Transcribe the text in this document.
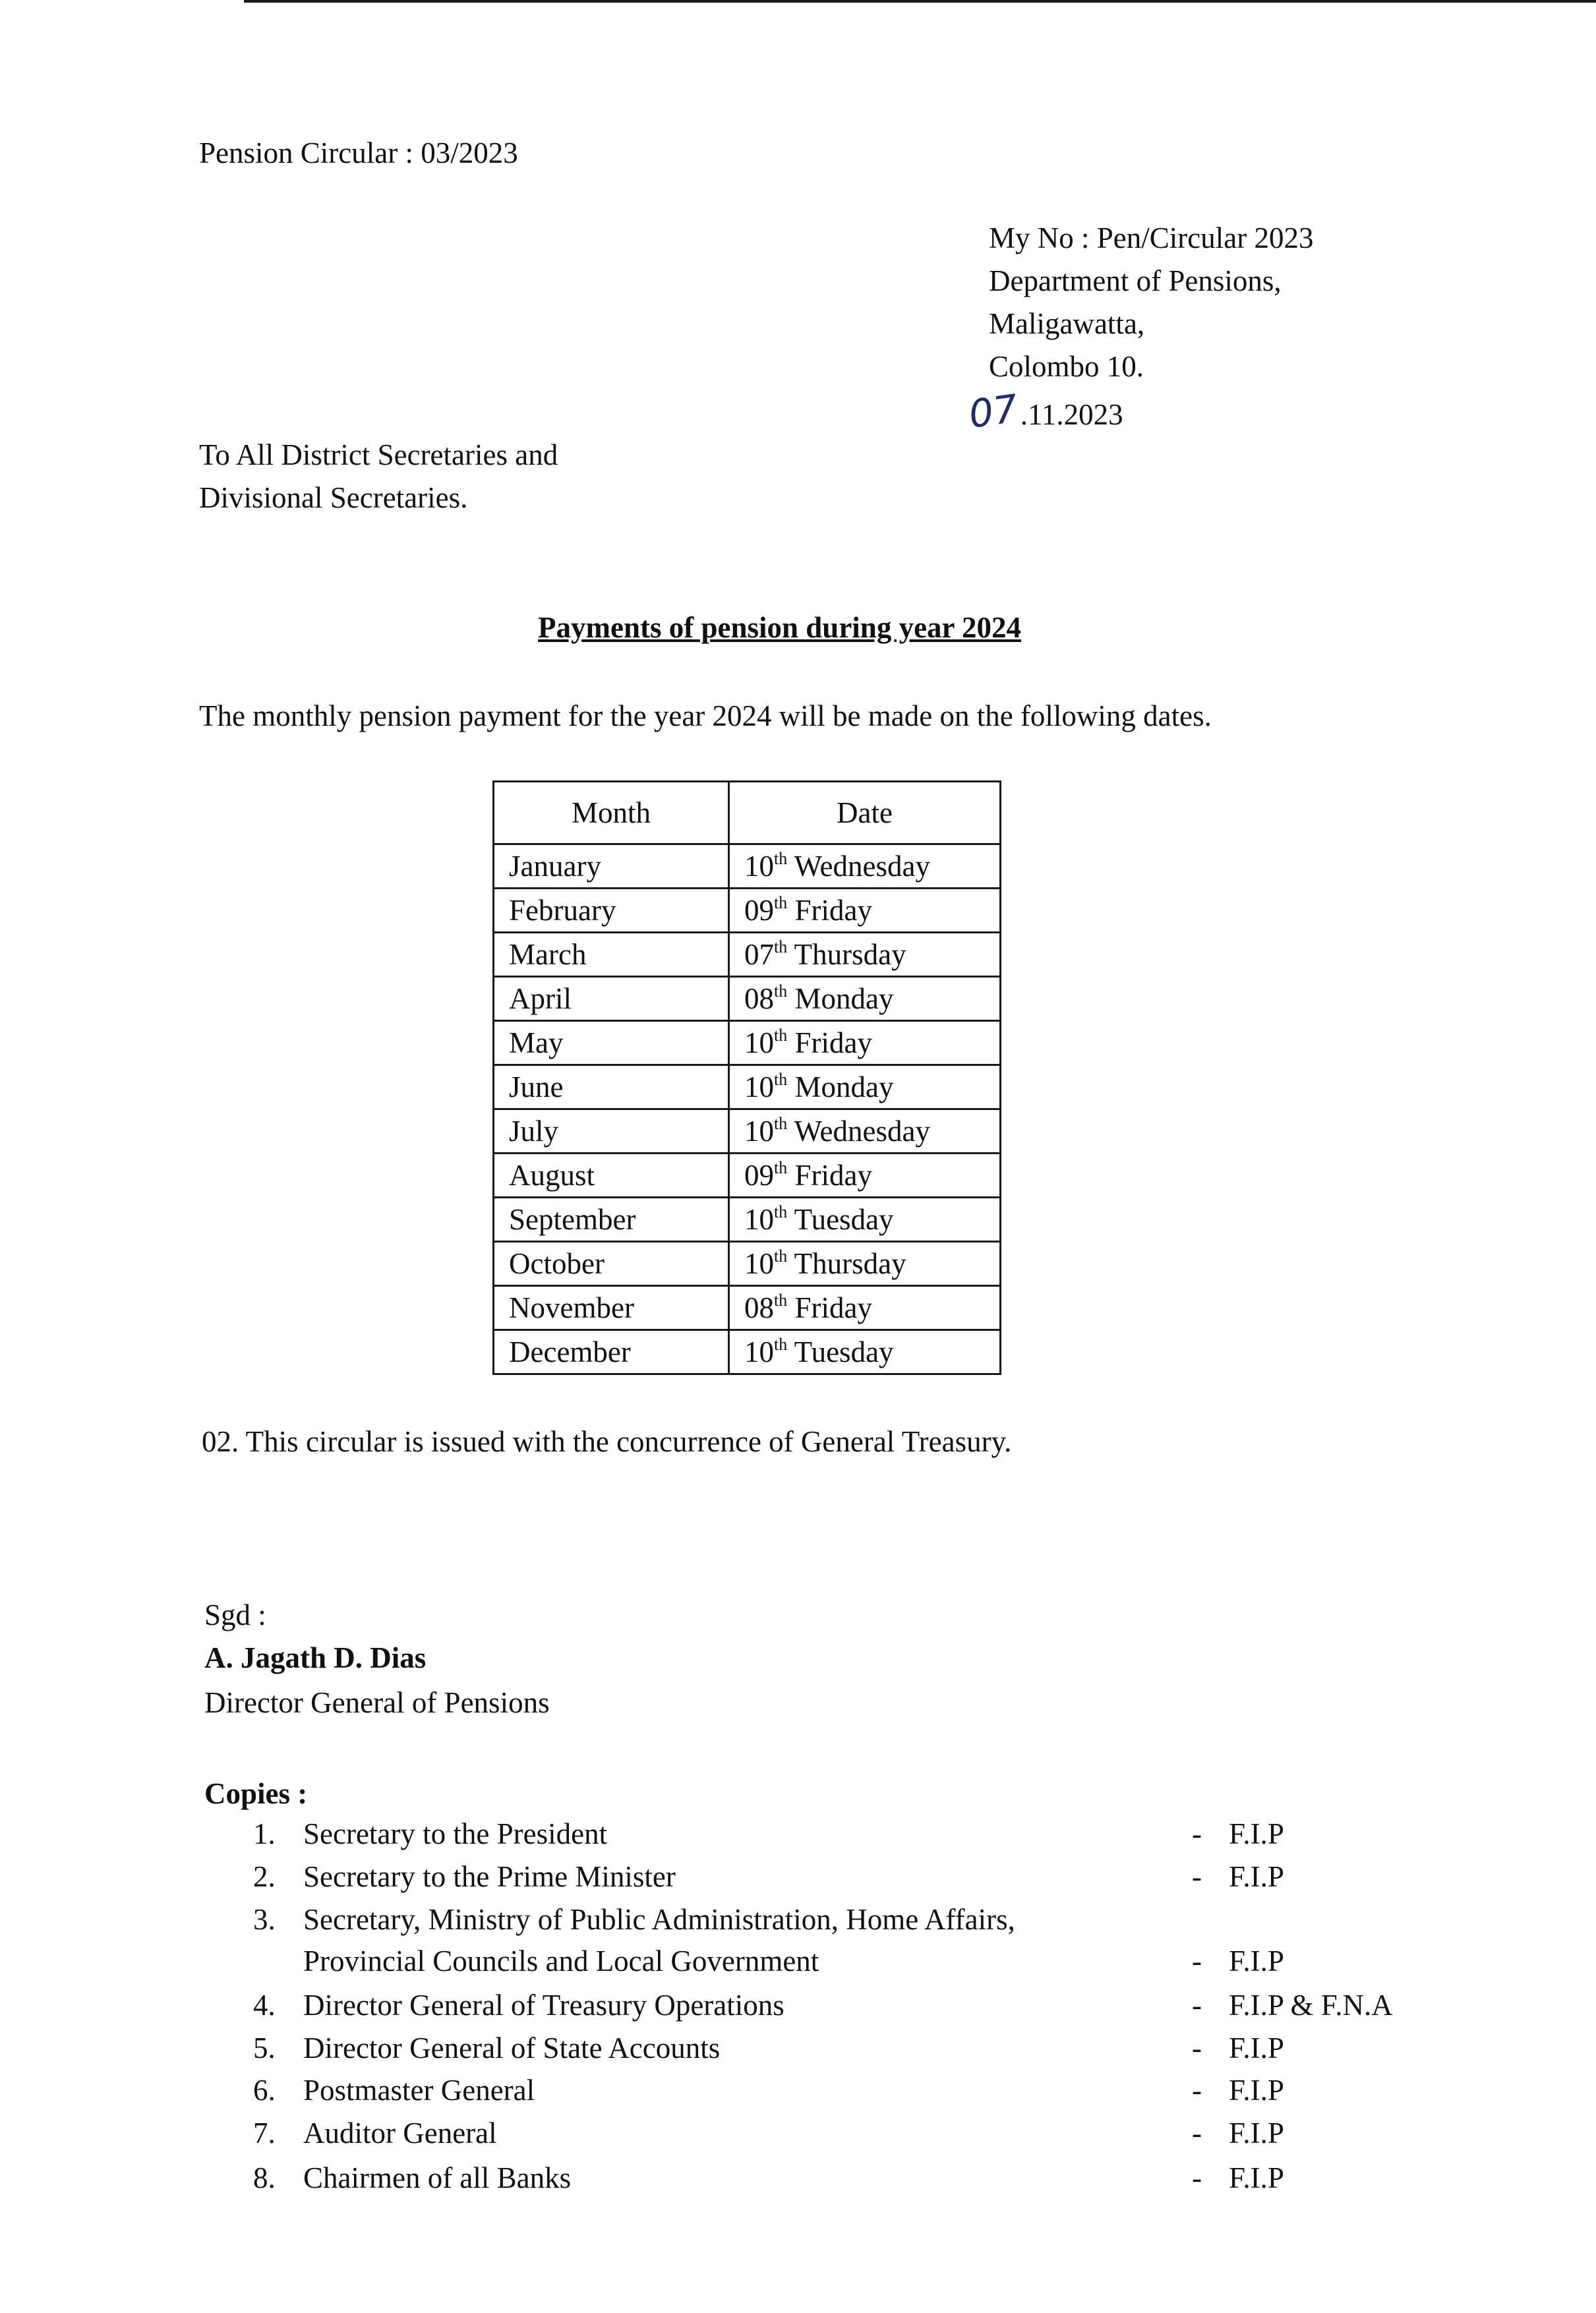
Pension Circular : 03/2023

My No : Pen/Circular 2023

Department of Pensions,

Maligawatta,

Colombo 10.

07 .11.2023

To All District Secretaries and

Divisional Secretaries.

Payments of pension during year 2024

The monthly pension payment for the year 2024 will be made on the following dates.

Month	Date
January	10th Wednesday
February	09th Friday
March	07th Thursday
April	08th Monday
May	10th Friday
June	10th Monday
July	10th Wednesday
August	09th Friday
September	10th Tuesday
October	10th Thursday
November	08th Friday
December	10th Tuesday

02. This circular is issued with the concurrence of General Treasury.

Sgd :

A. Jagath D. Dias

Director General of Pensions

Copies :

1. Secretary to the President	- F.I.P

2. Secretary to the Prime Minister	- F.I.P

3. Secretary, Ministry of Public Administration, Home Affairs,

Provincial Councils and Local Government	- F.I.P

4. Director General of Treasury Operations	- F.I.P & F.N.A

5. Director General of State Accounts	- F.I.P

6. Postmaster General	- F.I.P

7. Auditor General	- F.I.P

8. Chairmen of all Banks	- F.I.P
